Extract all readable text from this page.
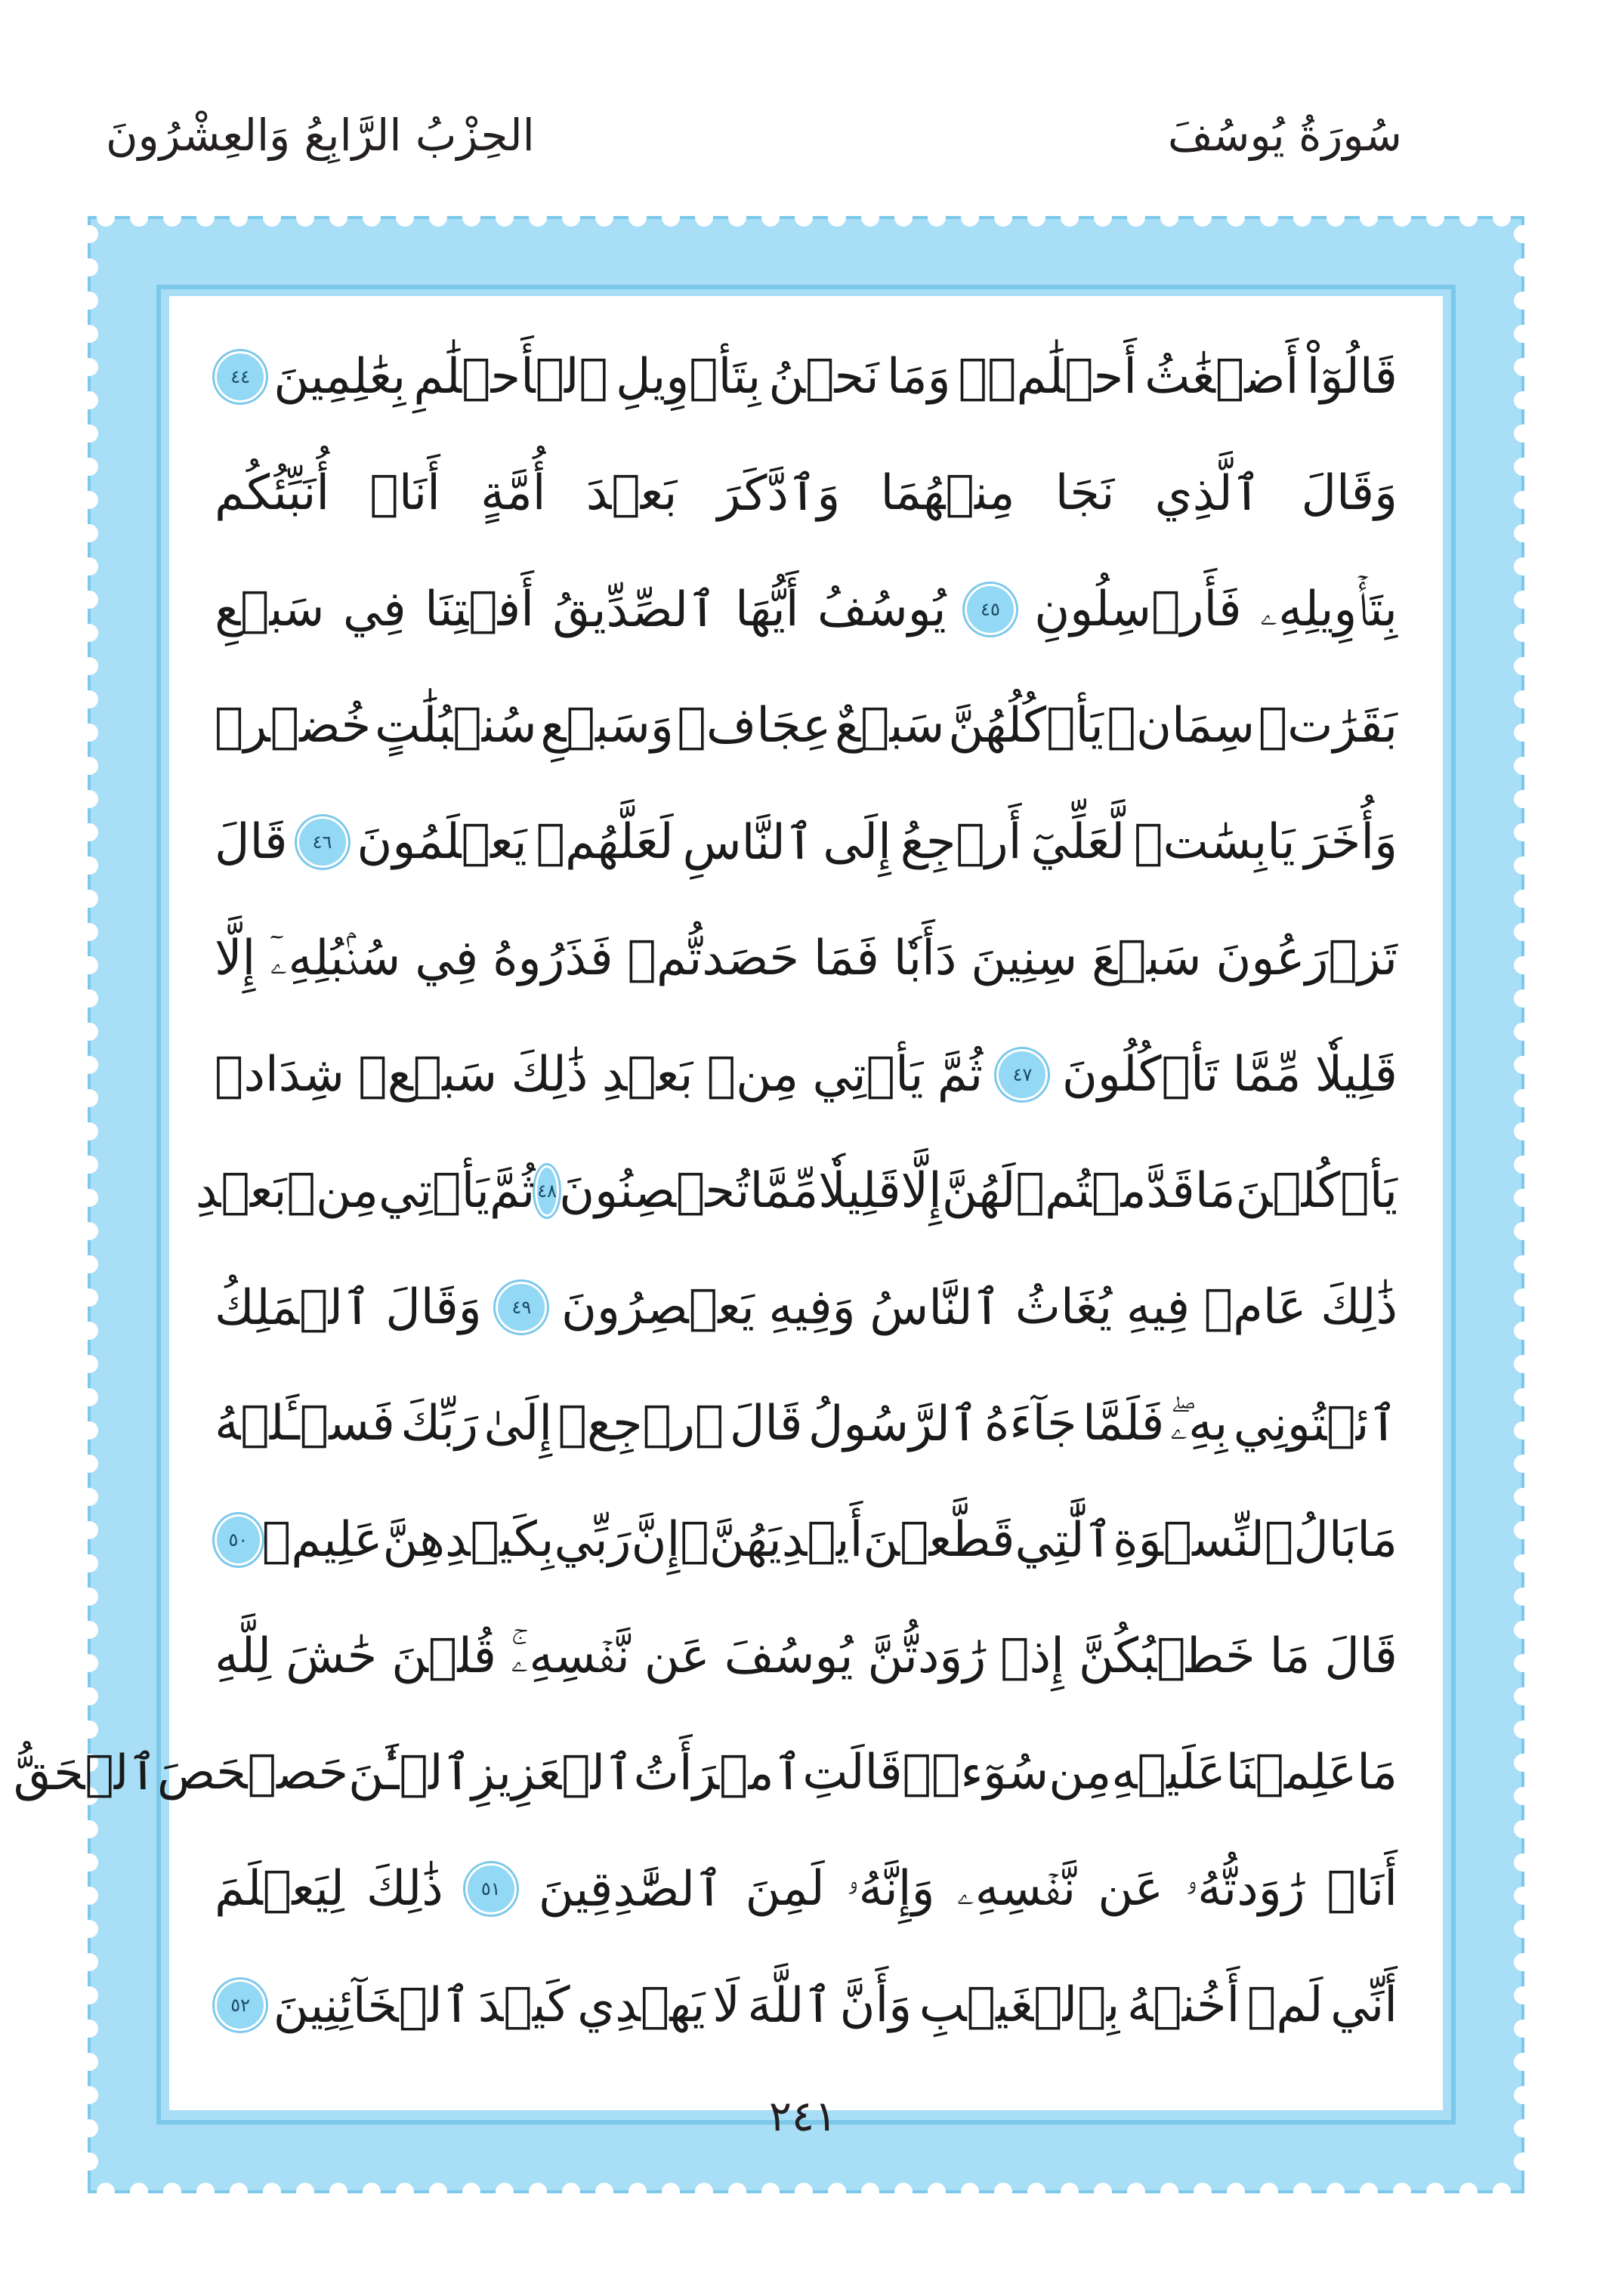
سُورَةُ يُوسُفَ
الحِزْبُ الرَّابِعُ وَالعِشْرُونَ
قَالُوٓاْ
أَضۡغَٰثُ
أَحۡلَٰمٖۖ
وَمَا
نَحۡنُ
بِتَأۡوِيلِ
ٱلۡأَحۡلَٰمِ
بِعَٰلِمِينَ
٤٤
وَقَالَ
ٱلَّذِي
نَجَا
مِنۡهُمَا
وَٱدَّكَرَ
بَعۡدَ
أُمَّةٍ
أَنَا۠
أُنَبِّئُكُم
بِتَأۡوِيلِهِۦ
فَأَرۡسِلُونِ
٤٥
يُوسُفُ
أَيُّهَا
ٱلصِّدِّيقُ
أَفۡتِنَا
فِي
سَبۡعِ
بَقَرَٰتٖ
سِمَانٖ
يَأۡكُلُهُنَّ
سَبۡعٌ
عِجَافٞ
وَسَبۡعِ
سُنۢبُلَٰتٍ
خُضۡرٖ
وَأُخَرَ
يَابِسَٰتٖ
لَّعَلِّيٓ
أَرۡجِعُ
إِلَى
ٱلنَّاسِ
لَعَلَّهُمۡ
يَعۡلَمُونَ
٤٦
قَالَ
تَزۡرَعُونَ
سَبۡعَ
سِنِينَ
دَأَبٗا
فَمَا
حَصَدتُّمۡ
فَذَرُوهُ
فِي
سُنۢبُلِهِۦٓ
إِلَّا
قَلِيلٗا
مِّمَّا
تَأۡكُلُونَ
٤٧
ثُمَّ
يَأۡتِي
مِنۢ
بَعۡدِ
ذَٰلِكَ
سَبۡعٞ
شِدَادٞ
يَأۡكُلۡنَ
مَا
قَدَّمۡتُمۡ
لَهُنَّ
إِلَّا
قَلِيلٗا
مِّمَّا
تُحۡصِنُونَ
٤٨
ثُمَّ
يَأۡتِي
مِنۢ
بَعۡدِ
ذَٰلِكَ
عَامٞ
فِيهِ
يُغَاثُ
ٱلنَّاسُ
وَفِيهِ
يَعۡصِرُونَ
٤٩
وَقَالَ
ٱلۡمَلِكُ
ٱئۡتُونِي
بِهِۦۖ
فَلَمَّا
جَآءَهُ
ٱلرَّسُولُ
قَالَ
ٱرۡجِعۡ
إِلَىٰ
رَبِّكَ
فَسۡـَٔلۡهُ
مَا
بَالُ
ٱلنِّسۡوَةِ
ٱلَّٰتِي
قَطَّعۡنَ
أَيۡدِيَهُنَّۚ
إِنَّ
رَبِّي
بِكَيۡدِهِنَّ
عَلِيمٞ
٥٠
قَالَ
مَا
خَطۡبُكُنَّ
إِذۡ
رَٰوَدتُّنَّ
يُوسُفَ
عَن
نَّفۡسِهِۦۚ
قُلۡنَ
حَٰشَ
لِلَّهِ
مَا
عَلِمۡنَا
عَلَيۡهِ
مِن
سُوٓءٖۚ
قَالَتِ
ٱمۡرَأَتُ
ٱلۡعَزِيزِ
ٱلۡـَٰٔنَ
حَصۡحَصَ
ٱلۡحَقُّ
أَنَا۠
رَٰوَدتُّهُۥ
عَن
نَّفۡسِهِۦ
وَإِنَّهُۥ
لَمِنَ
ٱلصَّٰدِقِينَ
٥١
ذَٰلِكَ
لِيَعۡلَمَ
أَنِّي
لَمۡ
أَخُنۡهُ
بِٱلۡغَيۡبِ
وَأَنَّ
ٱللَّهَ
لَا
يَهۡدِي
كَيۡدَ
ٱلۡخَآئِنِينَ
٥٢
٢٤١
